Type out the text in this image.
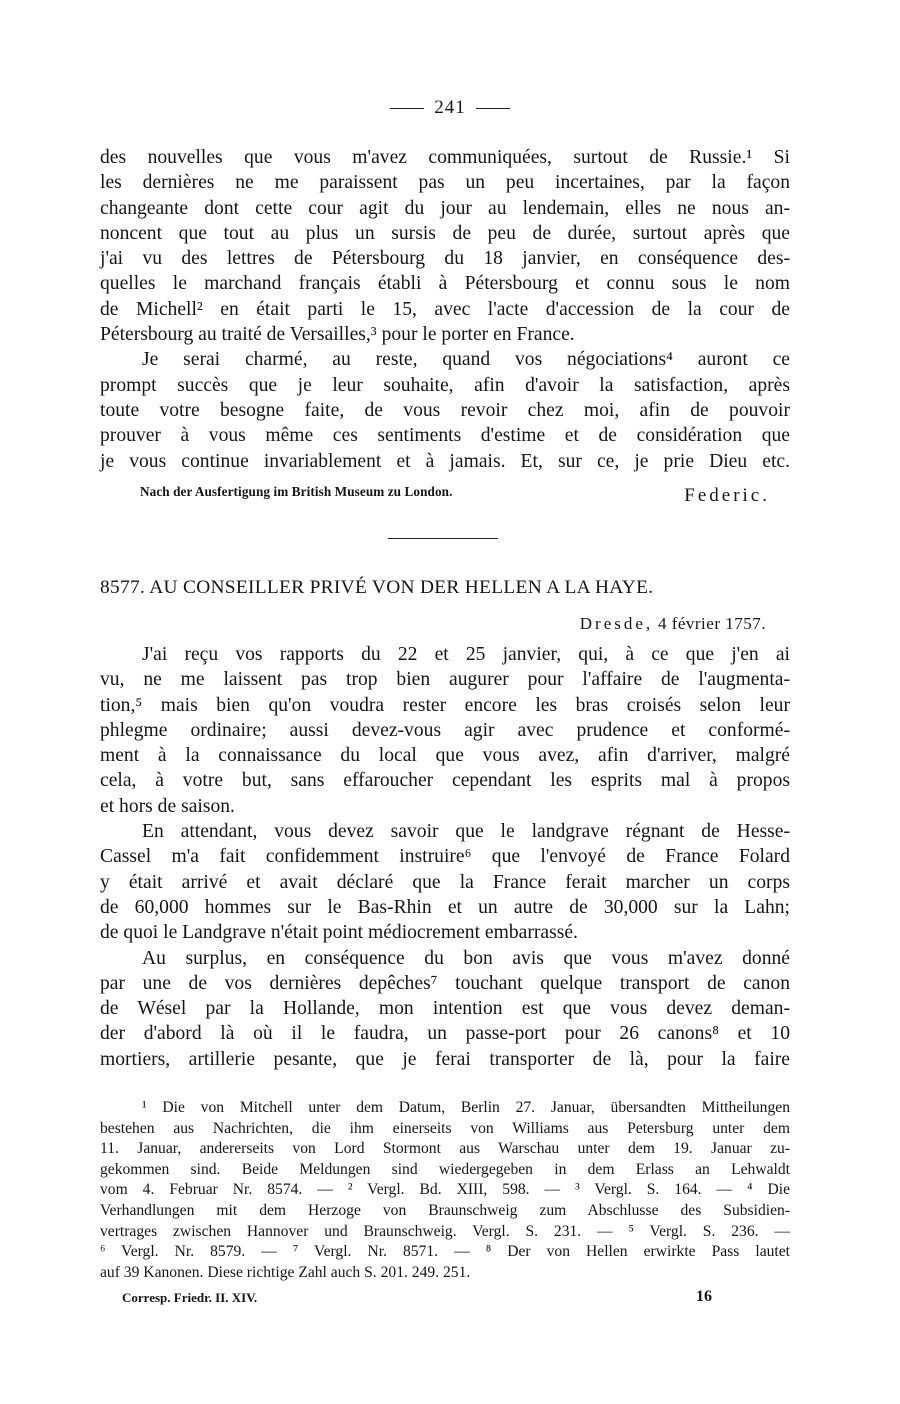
241
des nouvelles que vous m'avez communiquées, surtout de Russie.¹ Si
les dernières ne me paraissent pas un peu incertaines, par la façon
changeante dont cette cour agit du jour au lendemain, elles ne nous an-
noncent que tout au plus un sursis de peu de durée, surtout après que
j'ai vu des lettres de Pétersbourg du 18 janvier, en conséquence des-
quelles le marchand français établi à Pétersbourg et connu sous le nom
de Michell² en était parti le 15, avec l'acte d'accession de la cour de
Pétersbourg au traité de Versailles,³ pour le porter en France.
Je serai charmé, au reste, quand vos négociations⁴ auront ce
prompt succès que je leur souhaite, afin d'avoir la satisfaction, après
toute votre besogne faite, de vous revoir chez moi, afin de pouvoir
prouver à vous même ces sentiments d'estime et de considération que
je vous continue invariablement et à jamais. Et, sur ce, je prie Dieu etc.
Nach der Ausfertigung im British Museum zu London.	Federic.
8577. AU CONSEILLER PRIVÉ VON DER HELLEN A LA HAYE.
Dresde, 4 février 1757.
J'ai reçu vos rapports du 22 et 25 janvier, qui, à ce que j'en ai
vu, ne me laissent pas trop bien augurer pour l'affaire de l'augmenta-
tion,⁵ mais bien qu'on voudra rester encore les bras croisés selon leur
phlegme ordinaire; aussi devez-vous agir avec prudence et conformé-
ment à la connaissance du local que vous avez, afin d'arriver, malgré
cela, à votre but, sans effaroucher cependant les esprits mal à propos
et hors de saison.
En attendant, vous devez savoir que le landgrave régnant de Hesse-
Cassel m'a fait confidemment instruire⁶ que l'envoyé de France Folard
y était arrivé et avait déclaré que la France ferait marcher un corps
de 60,000 hommes sur le Bas-Rhin et un autre de 30,000 sur la Lahn;
de quoi le Landgrave n'était point médiocrement embarrassé.
Au surplus, en conséquence du bon avis que vous m'avez donné
par une de vos dernières depêches⁷ touchant quelque transport de canon
de Wésel par la Hollande, mon intention est que vous devez deman-
der d'abord là où il le faudra, un passe-port pour 26 canons⁸ et 10
mortiers, artillerie pesante, que je ferai transporter de là, pour la faire
¹ Die von Mitchell unter dem Datum, Berlin 27. Januar, übersandten Mittheilungen
bestehen aus Nachrichten, die ihm einerseits von Williams aus Petersburg unter dem
11. Januar, andererseits von Lord Stormont aus Warschau unter dem 19. Januar zu-
gekommen sind. Beide Meldungen sind wiedergegeben in dem Erlass an Lehwaldt
vom 4. Februar Nr. 8574. — ² Vergl. Bd. XIII, 598. — ³ Vergl. S. 164. — ⁴ Die
Verhandlungen mit dem Herzoge von Braunschweig zum Abschlusse des Subsidien-
vertrages zwischen Hannover und Braunschweig. Vergl. S. 231. — ⁵ Vergl. S. 236. —
⁶ Vergl. Nr. 8579. — ⁷ Vergl. Nr. 8571. — ⁸ Der von Hellen erwirkte Pass lautet
auf 39 Kanonen. Diese richtige Zahl auch S. 201. 249. 251.
Corresp. Friedr. II. XIV.	16
